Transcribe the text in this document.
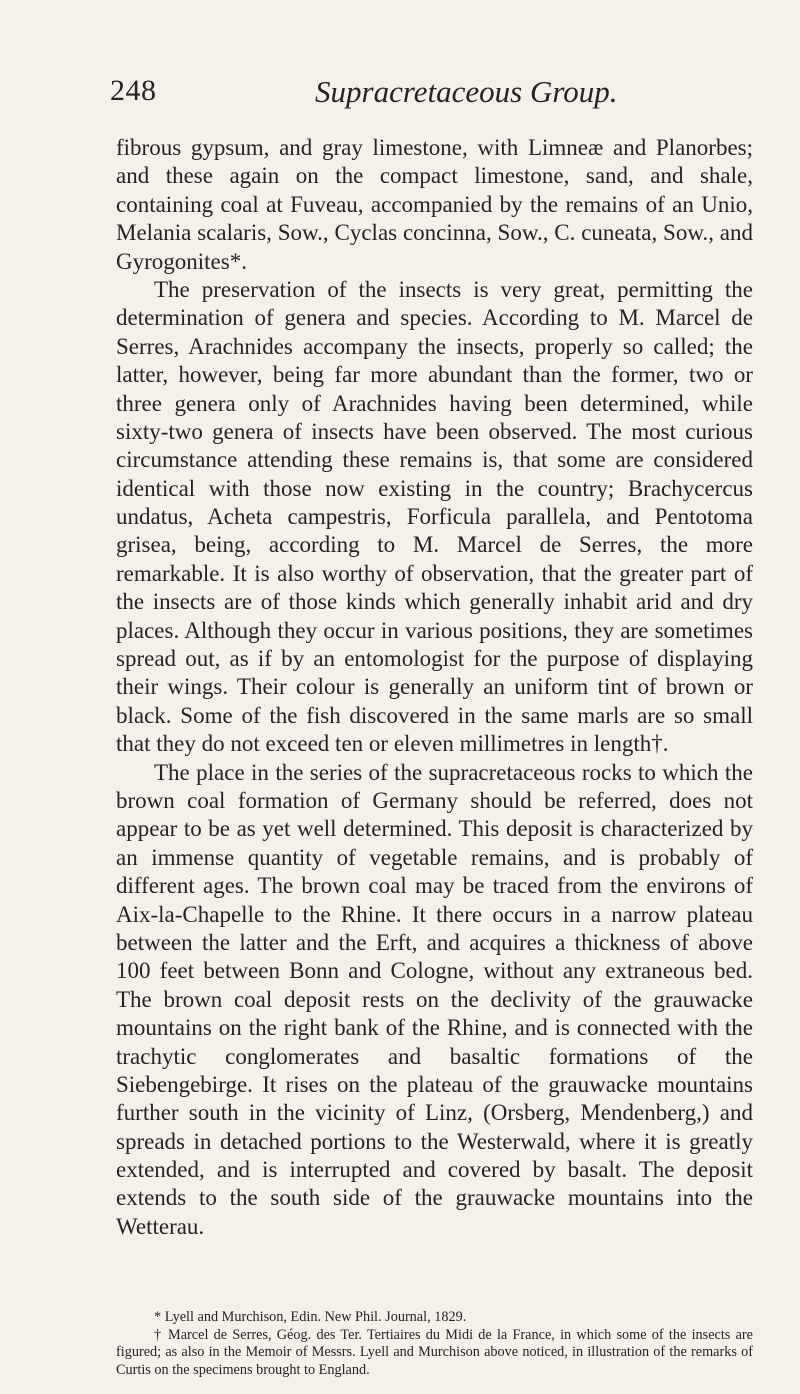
248	Supracretaceous Group.

fibrous gypsum, and gray limestone, with Limneæ and Planorbes; and these again on the compact limestone, sand, and shale, containing coal at Fuveau, accompanied by the remains of an Unio, Melania scalaris, Sow., Cyclas concinna, Sow., C. cuneata, Sow., and Gyrogonites*.

The preservation of the insects is very great, permitting the determination of genera and species. According to M. Marcel de Serres, Arachnides accompany the insects, properly so called; the latter, however, being far more abundant than the former, two or three genera only of Arachnides having been determined, while sixty-two genera of insects have been observed. The most curious circumstance attending these remains is, that some are considered identical with those now existing in the country; Brachycercus undatus, Acheta campestris, Forficula parallela, and Pentotoma grisea, being, according to M. Marcel de Serres, the more remarkable. It is also worthy of observation, that the greater part of the insects are of those kinds which generally inhabit arid and dry places. Although they occur in various positions, they are sometimes spread out, as if by an entomologist for the purpose of displaying their wings. Their colour is generally an uniform tint of brown or black. Some of the fish discovered in the same marls are so small that they do not exceed ten or eleven millimetres in length†.

The place in the series of the supracretaceous rocks to which the brown coal formation of Germany should be referred, does not appear to be as yet well determined. This deposit is characterized by an immense quantity of vegetable remains, and is probably of different ages. The brown coal may be traced from the environs of Aix-la-Chapelle to the Rhine. It there occurs in a narrow plateau between the latter and the Erft, and acquires a thickness of above 100 feet between Bonn and Cologne, without any extraneous bed. The brown coal deposit rests on the declivity of the grauwacke mountains on the right bank of the Rhine, and is connected with the trachytic conglomerates and basaltic formations of the Siebengebirge. It rises on the plateau of the grauwacke mountains further south in the vicinity of Linz, (Orsberg, Mendenberg,) and spreads in detached portions to the Westerwald, where it is greatly extended, and is interrupted and covered by basalt. The deposit extends to the south side of the grauwacke mountains into the Wetterau.

* Lyell and Murchison, Edin. New Phil. Journal, 1829.

† Marcel de Serres, Géog. des Ter. Tertiaires du Midi de la France, in which some of the insects are figured; as also in the Memoir of Messrs. Lyell and Murchison above noticed, in illustration of the remarks of Curtis on the specimens brought to England.
